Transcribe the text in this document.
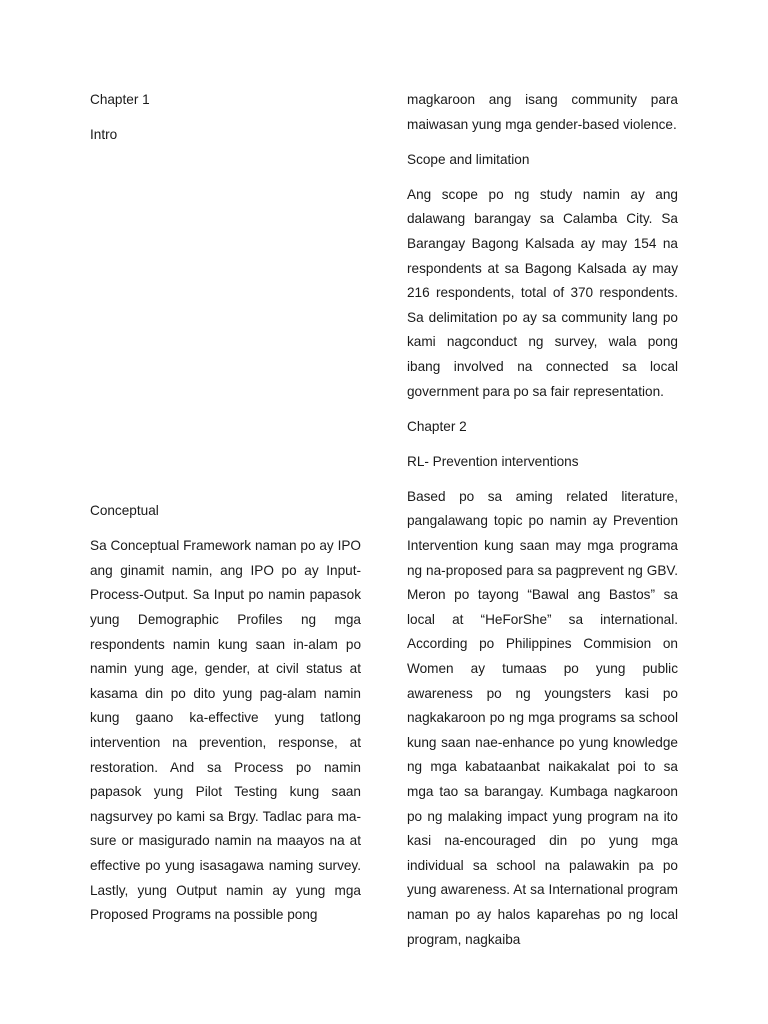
Chapter 1

Intro

Conceptual

Sa Conceptual Framework naman po ay IPO ang ginamit namin, ang IPO po ay Input-Process-Output. Sa Input po namin papasok yung Demographic Profiles ng mga respondents namin kung saan in-alam po namin yung age, gender, at civil status at kasama din po dito yung pag-alam namin kung gaano ka-effective yung tatlong intervention na prevention, response, at restoration. And sa Process po namin papasok yung Pilot Testing kung saan nagsurvey po kami sa Brgy. Tadlac para ma-sure or masigurado namin na maayos na at effective po yung isasagawa naming survey. Lastly, yung Output namin ay yung mga Proposed Programs na possible pong

magkaroon ang isang community para maiwasan yung mga gender-based violence.

Scope and limitation

Ang scope po ng study namin ay ang dalawang barangay sa Calamba City. Sa Barangay Bagong Kalsada ay may 154 na respondents at sa Bagong Kalsada ay may 216 respondents, total of 370 respondents. Sa delimitation po ay sa community lang po kami nagconduct ng survey, wala pong ibang involved na connected sa local government para po sa fair representation.

Chapter 2

RL- Prevention interventions

Based po sa aming related literature, pangalawang topic po namin ay Prevention Intervention kung saan may mga programa ng na-proposed para sa pagprevent ng GBV. Meron po tayong “Bawal ang Bastos” sa local at “HeForShe” sa international. According po Philippines Commision on Women ay tumaas po yung public awareness po ng youngsters kasi po nagkakaroon po ng mga programs sa school kung saan nae-enhance po yung knowledge ng mga kabataanbat naikakalat poi to sa mga tao sa barangay. Kumbaga nagkaroon po ng malaking impact yung program na ito kasi na-encouraged din po yung mga individual sa school na palawakin pa po yung awareness. At sa International program naman po ay halos kaparehas po ng local program, nagkaiba
